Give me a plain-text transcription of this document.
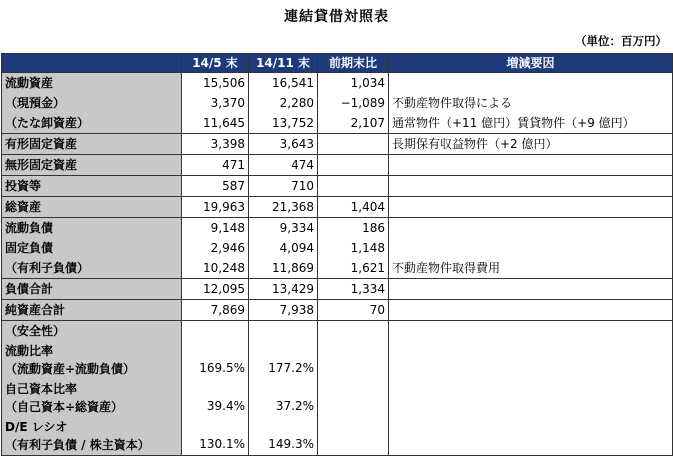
連結貸借対照表
（単位：百万円）
	14/5 末	14/11 末	前期末比	増減要因
流動資産	15,506	16,541	1,034	
（現預金）	3,370	2,280	−1,089	不動産物件取得による
（たな卸資産）	11,645	13,752	2,107	通常物件（+11 億円）賃貸物件（+9 億円）
有形固定資産	3,398	3,643		長期保有収益物件（+2 億円）
無形固定資産	471	474		
投資等	587	710		
総資産	19,963	21,368	1,404	
流動負債	9,148	9,334	186	
固定負債	2,946	4,094	1,148	
（有利子負債）	10,248	11,869	1,621	不動産物件取得費用
負債合計	12,095	13,429	1,334	
純資産合計	7,869	7,938	70	
（安全性）				

流動比率
（流動資産÷流動負債）	169.5%	177.2%		

自己資本比率
（自己資本÷総資産）	39.4%	37.2%		

D/E レシオ
（有利子負債 / 株主資本）	130.1%	149.3%		
